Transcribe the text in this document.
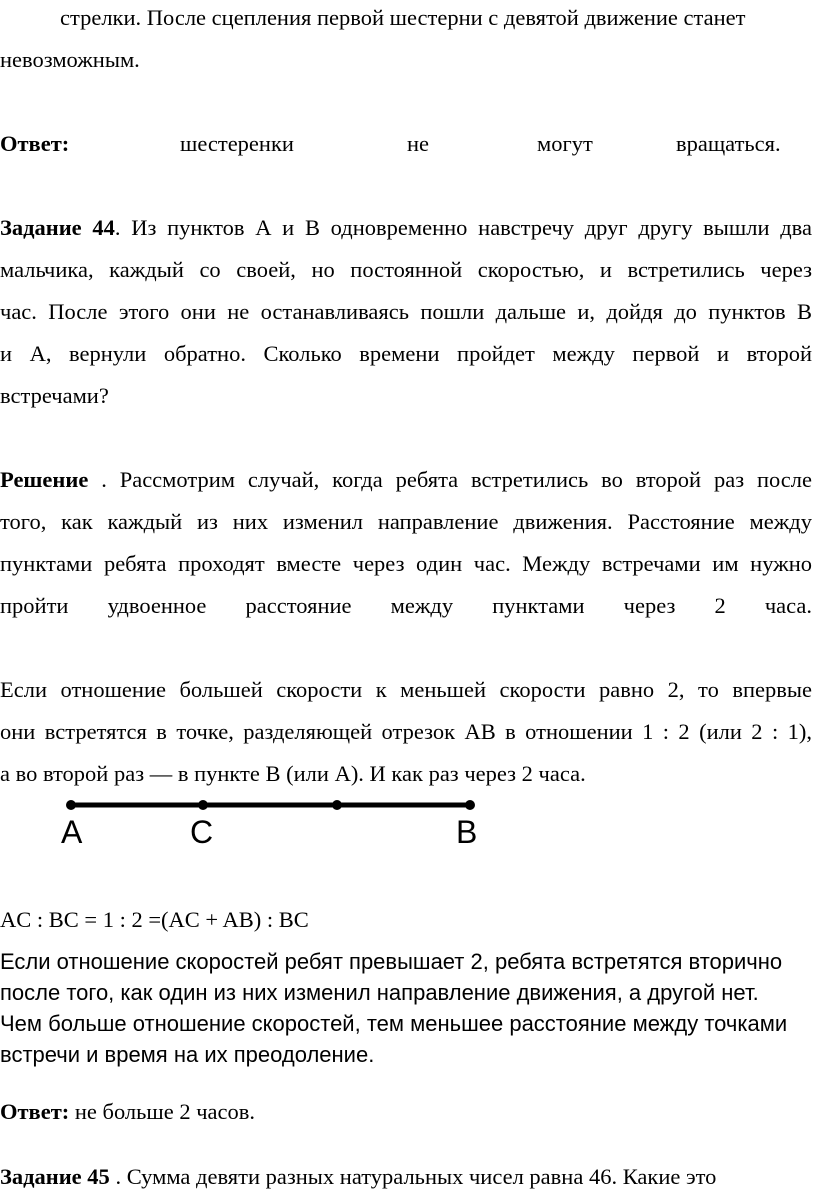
стрелки. После сцепления первой шестерни с девятой движение станет
невозможным.
Ответ:	шестеренки	не	могут	вращаться.
Задание 44. Из пунктов А и В одновременно навстречу друг другу вышли два
мальчика, каждый со своей, но постоянной скоростью, и встретились через
час. После этого они не останавливаясь пошли дальше и, дойдя до пунктов В
и А, вернули обратно. Сколько времени пройдет между первой и второй
встречами?
Решение . Рассмотрим случай, когда ребята встретились во второй раз после
того, как каждый из них изменил направление движения. Расстояние между
пунктами ребята проходят вместе через один час. Между встречами им нужно
пройти удвоенное расстояние между пунктами через 2 часа.
Если отношение большей скорости к меньшей скорости равно 2, то впервые
они встретятся в точке, разделяющей отрезок АВ в отношении 1 : 2 (или 2 : 1),
а во второй раз — в пункте В (или А). И как раз через 2 часа.
A	C	B
AC : BC = 1 : 2 =(AC + AB) : BC
Если отношение скоростей ребят превышает 2, ребята встретятся вторично
после того, как один из них изменил направление движения, а другой нет.
Чем больше отношение скоростей, тем меньшее расстояние между точками
встречи и время на их преодоление.
Ответ: не больше 2 часов.
Задание 45 . Сумма девяти разных натуральных чисел равна 46. Какие это
